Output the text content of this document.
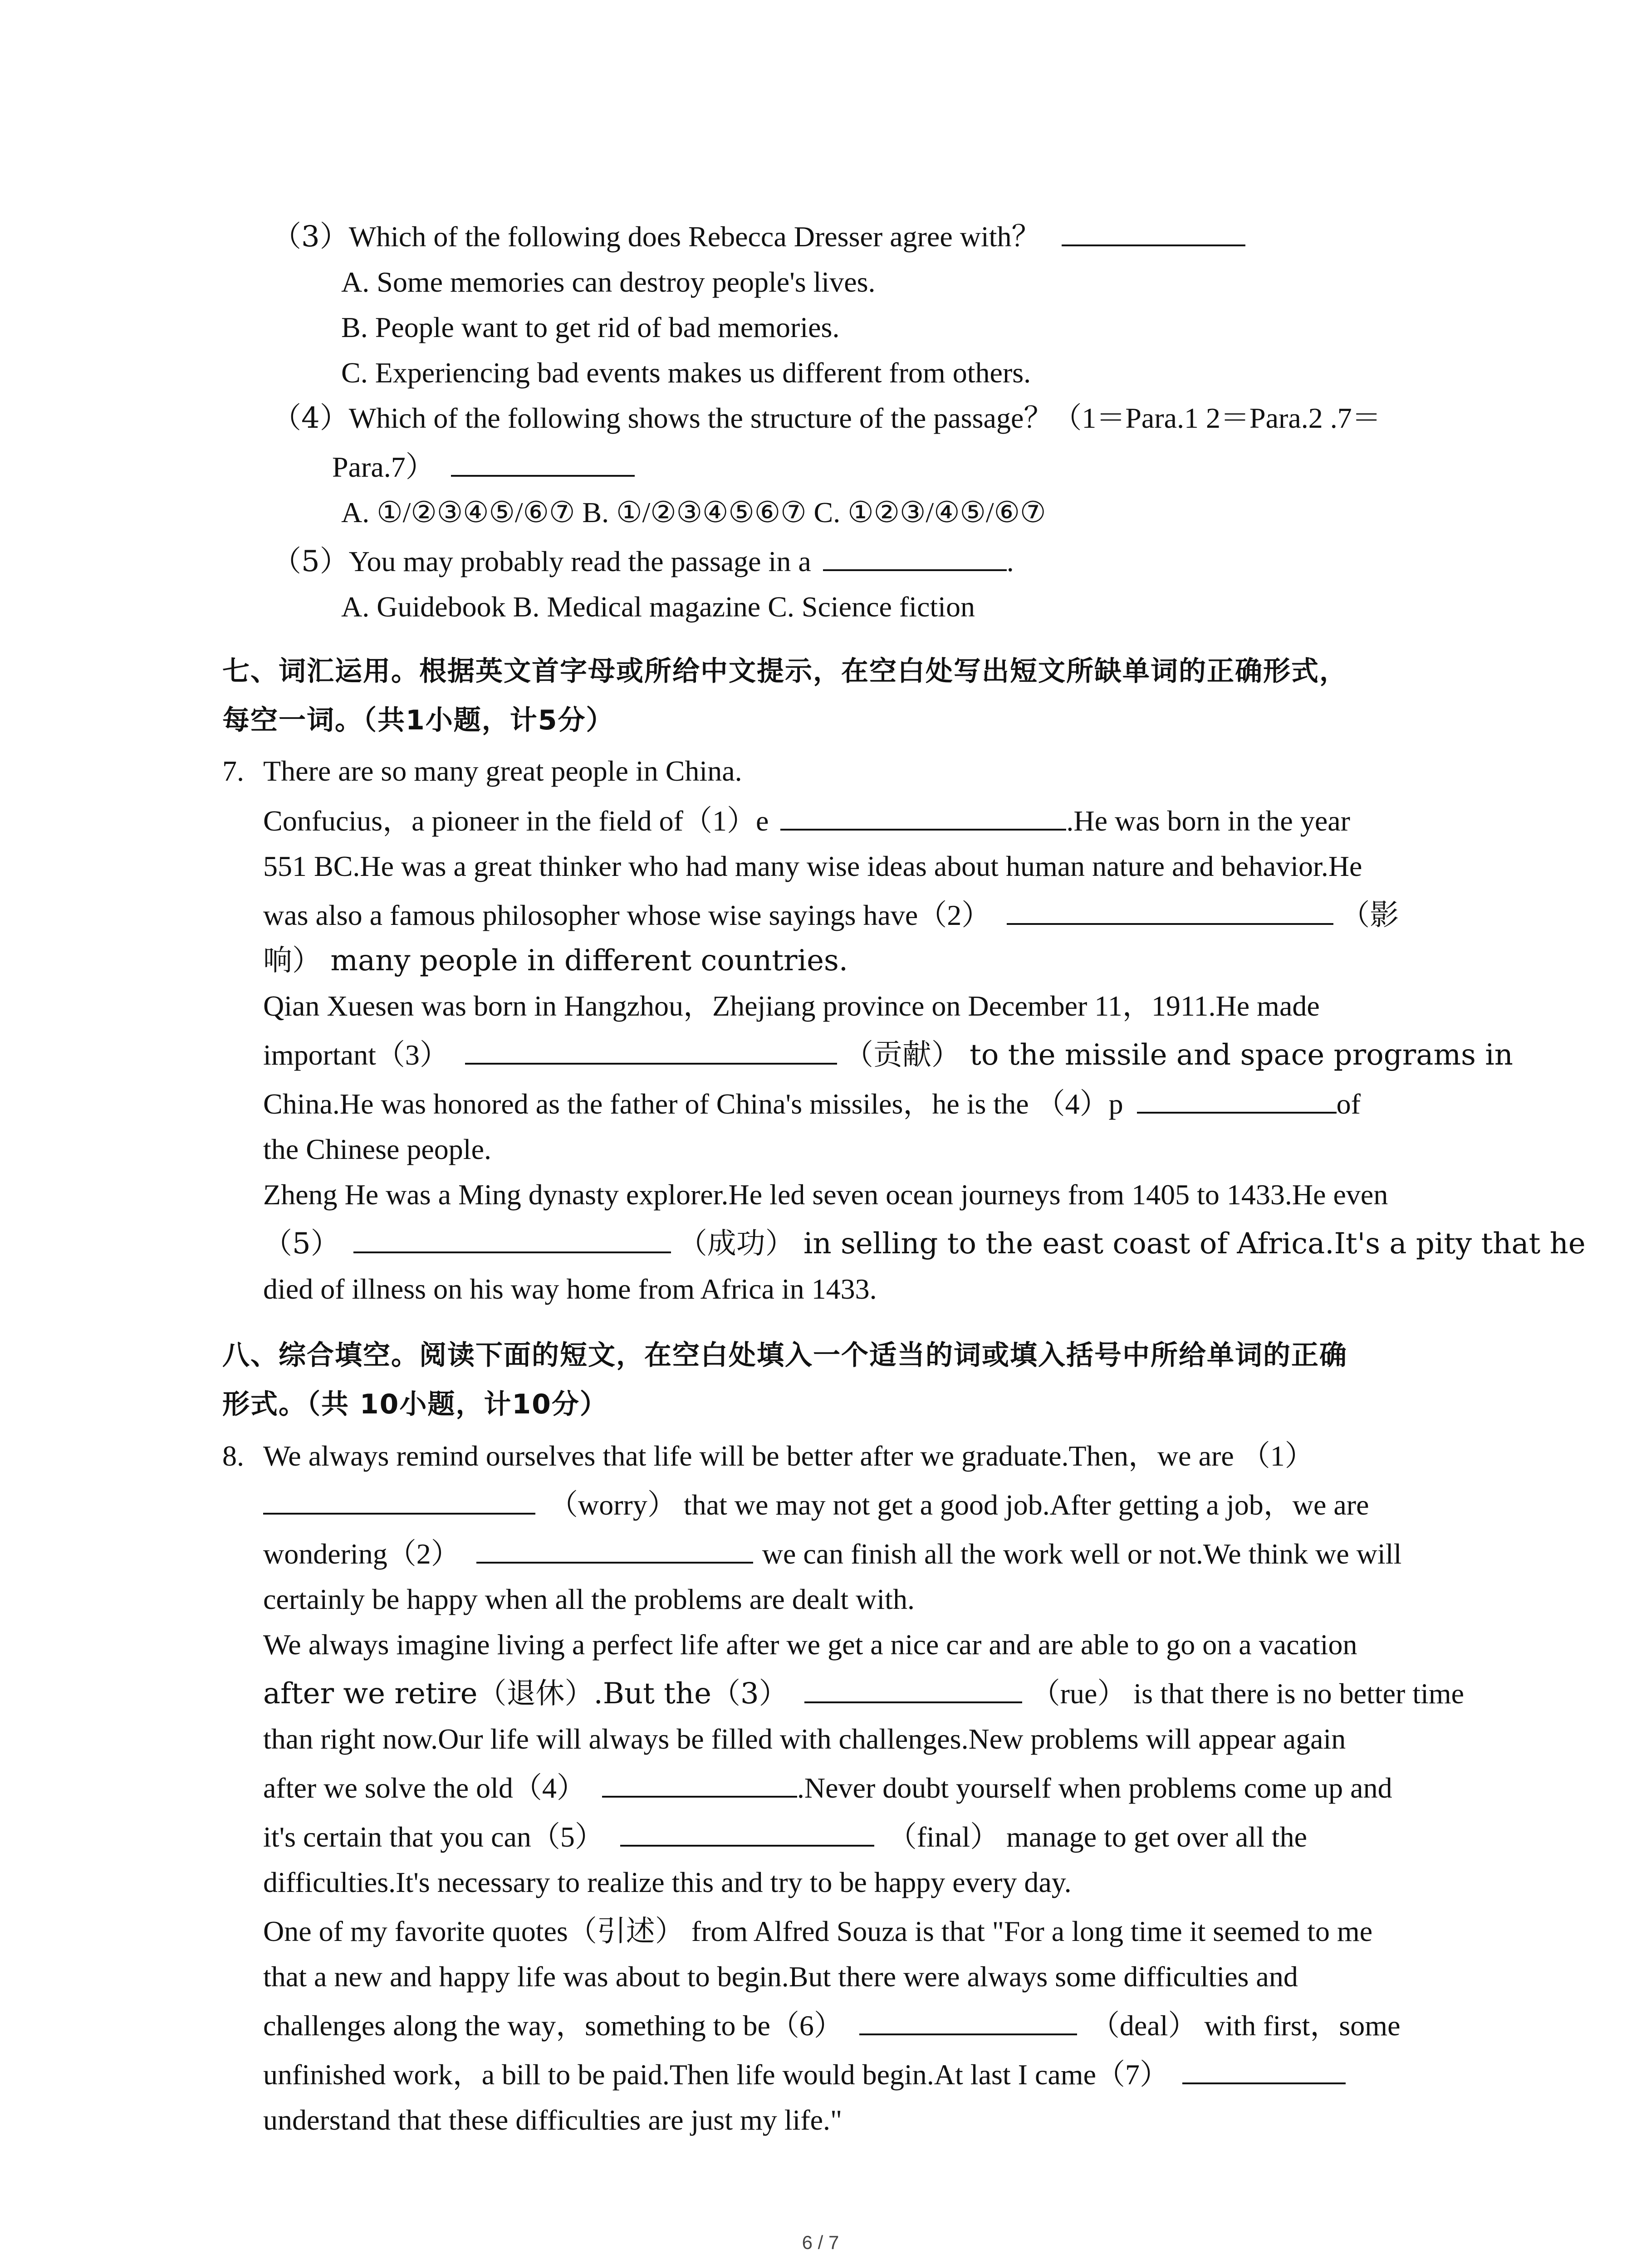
（3）Which of the following does Rebecca Dresser agree with？
A. Some memories can destroy people's lives.
B. People want to get rid of bad memories.
C. Experiencing bad events makes us different from others.
（4）Which of the following shows the structure of the passage？（1＝Para.1 2＝Para.2 .7＝
Para.7）
A. ①/②③④⑤/⑥⑦ B. ①/②③④⑤⑥⑦ C. ①②③/④⑤/⑥⑦
（5）You may probably read the passage in a	.
A. Guidebook B. Medical magazine C. Science fiction
七、词汇运用。根据英文首字母或所给中文提示，在空白处写出短文所缺单词的正确形式，
每空一词。（共1小题，计5分）
7. There are so many great people in China.
Confucius，a pioneer in the field of（1）e	.He was born in the year
551 BC.He was a great thinker who had many wise ideas about human nature and behavior.He
was also a famous philosopher whose wise sayings have（2）	（影
响） many people in different countries.
Qian Xuesen was born in Hangzhou，Zhejiang province on December 11，1911.He made
important（3）	（贡献） to the missile and space programs in
China.He was honored as the father of China's missiles，he is the （4）p	of
the Chinese people.
Zheng He was a Ming dynasty explorer.He led seven ocean journeys from 1405 to 1433.He even
（5）	（成功） in selling to the east coast of Africa.It's a pity that he
died of illness on his way home from Africa in 1433.
八、综合填空。阅读下面的短文，在空白处填入一个适当的词或填入括号中所给单词的正确
形式。（共 10小题，计10分）
8. We always remind ourselves that life will be better after we graduate.Then，we are （1）
（worry） that we may not get a good job.After getting a job，we are
wondering（2）	we can finish all the work well or not.We think we will
certainly be happy when all the problems are dealt with.
We always imagine living a perfect life after we get a nice car and are able to go on a vacation
after we retire（退休）.But the（3）	（rue） is that there is no better time
than right now.Our life will always be filled with challenges.New problems will appear again
after we solve the old（4）	.Never doubt yourself when problems come up and
it's certain that you can（5）	（final） manage to get over all the
difficulties.It's necessary to realize this and try to be happy every day.
One of my favorite quotes（引述） from Alfred Souza is that "For a long time it seemed to me
that a new and happy life was about to begin.But there were always some difficulties and
challenges along the way，something to be（6）	（deal） with first，some
unfinished work，a bill to be paid.Then life would begin.At last I came（7）
understand that these difficulties are just my life."
6 / 7
